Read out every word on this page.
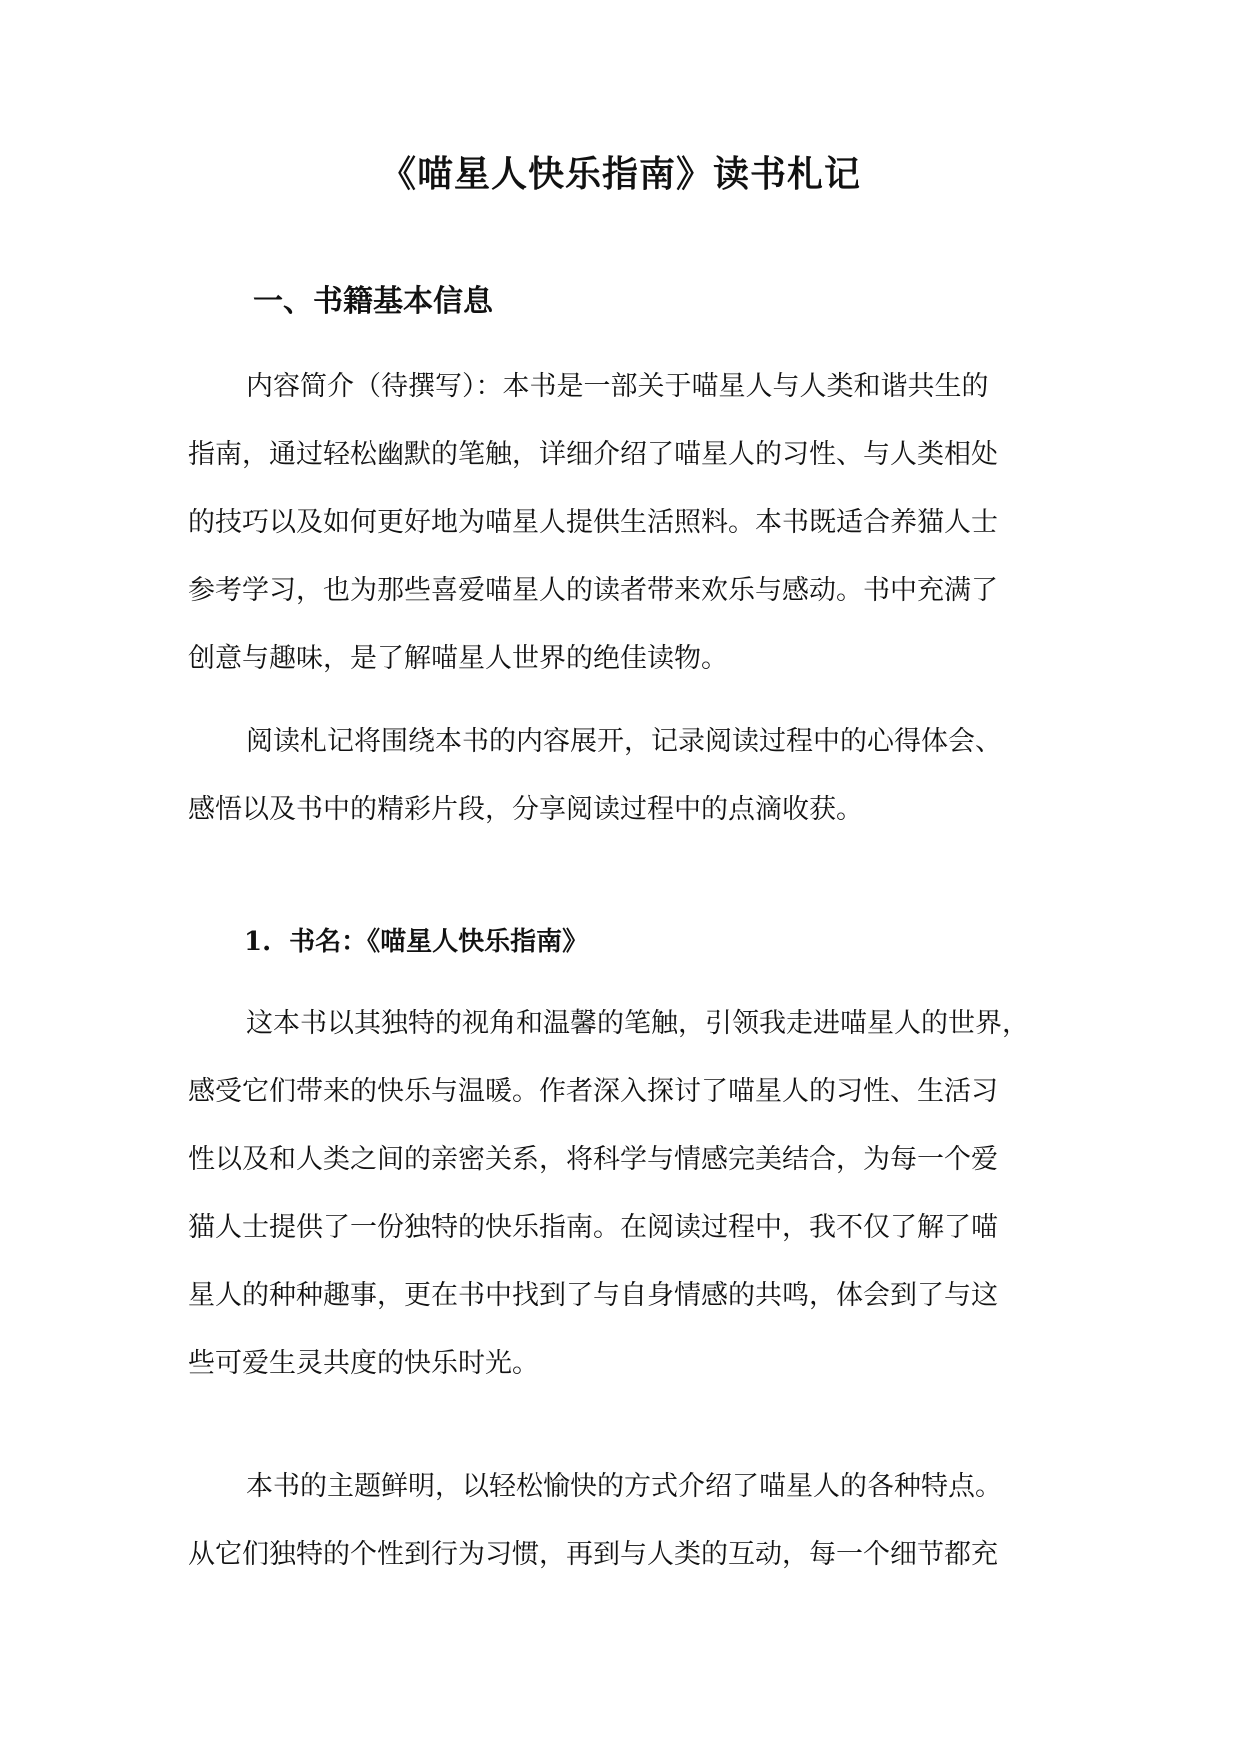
《喵星人快乐指南》读书札记
一、书籍基本信息
内容简介（待撰写）：本书是一部关于喵星人与人类和谐共生的
指南，通过轻松幽默的笔触，详细介绍了喵星人的习性、与人类相处
的技巧以及如何更好地为喵星人提供生活照料。本书既适合养猫人士
参考学习，也为那些喜爱喵星人的读者带来欢乐与感动。书中充满了
创意与趣味，是了解喵星人世界的绝佳读物。
阅读札记将围绕本书的内容展开，记录阅读过程中的心得体会、
感悟以及书中的精彩片段，分享阅读过程中的点滴收获。
1. 书名：《喵星人快乐指南》
这本书以其独特的视角和温馨的笔触，引领我走进喵星人的世界，
感受它们带来的快乐与温暖。作者深入探讨了喵星人的习性、生活习
性以及和人类之间的亲密关系，将科学与情感完美结合，为每一个爱
猫人士提供了一份独特的快乐指南。在阅读过程中，我不仅了解了喵
星人的种种趣事，更在书中找到了与自身情感的共鸣，体会到了与这
些可爱生灵共度的快乐时光。
本书的主题鲜明，以轻松愉快的方式介绍了喵星人的各种特点。
从它们独特的个性到行为习惯，再到与人类的互动，每一个细节都充
